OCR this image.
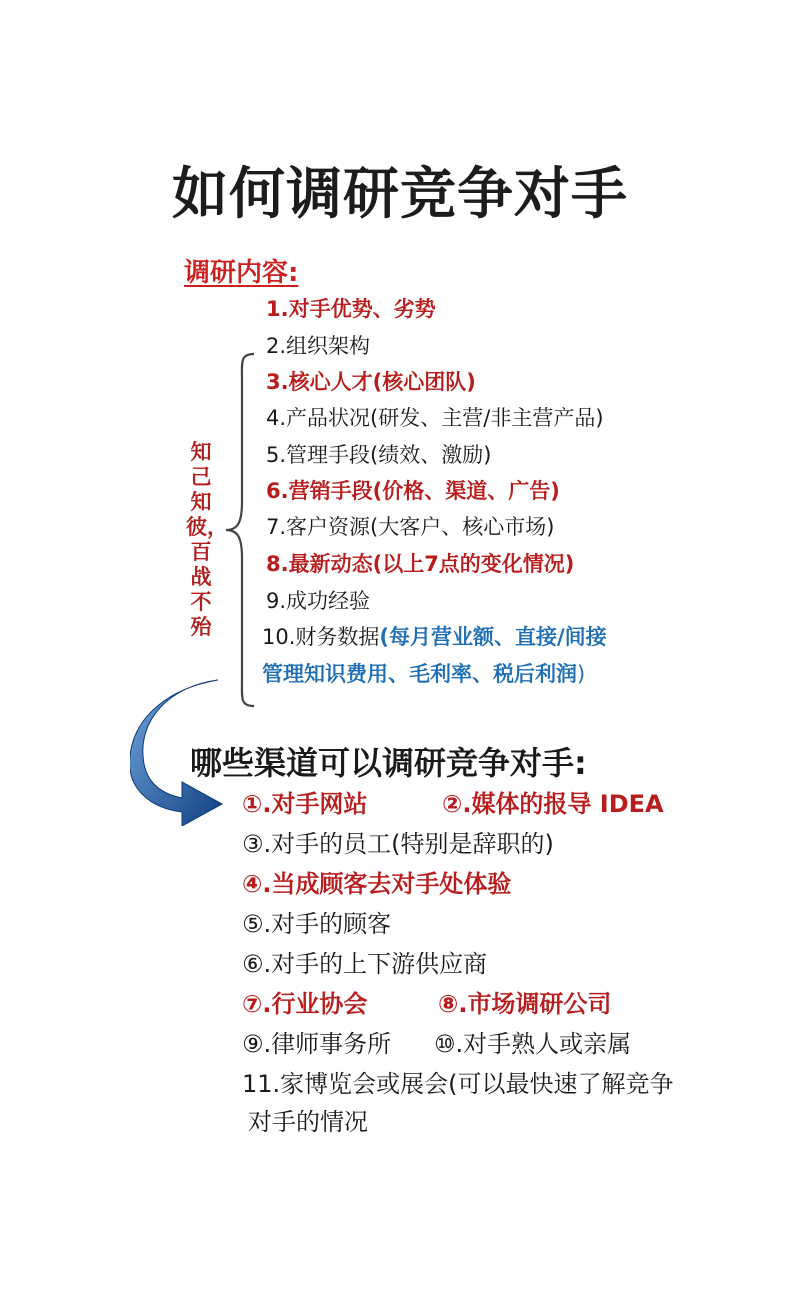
如何调研竞争对手
调研内容:
知己知彼，百战不殆
1.对手优势、劣势
2.组织架构
3.核心人才(核心团队)
4.产品状况(研发、主营/非主营产品)
5.管理手段(绩效、激励)
6.营销手段(价格、渠道、广告)
7.客户资源(大客户、核心市场)
8.最新动态(以上7点的变化情况)
9.成功经验
10.财务数据(每月营业额、直接/间接
管理知识费用、毛利率、税后利润)
哪些渠道可以调研竞争对手:
①.对手网站	②.媒体的报导 IDEA
③.对手的员工(特别是辞职的)
④.当成顾客去对手处体验
⑤.对手的顾客
⑥.对手的上下游供应商
⑦.行业协会	⑧.市场调研公司
⑨.律师事务所 ⑩.对手熟人或亲属
11.家博览会或展会(可以最快速了解竞争
对手的情况
